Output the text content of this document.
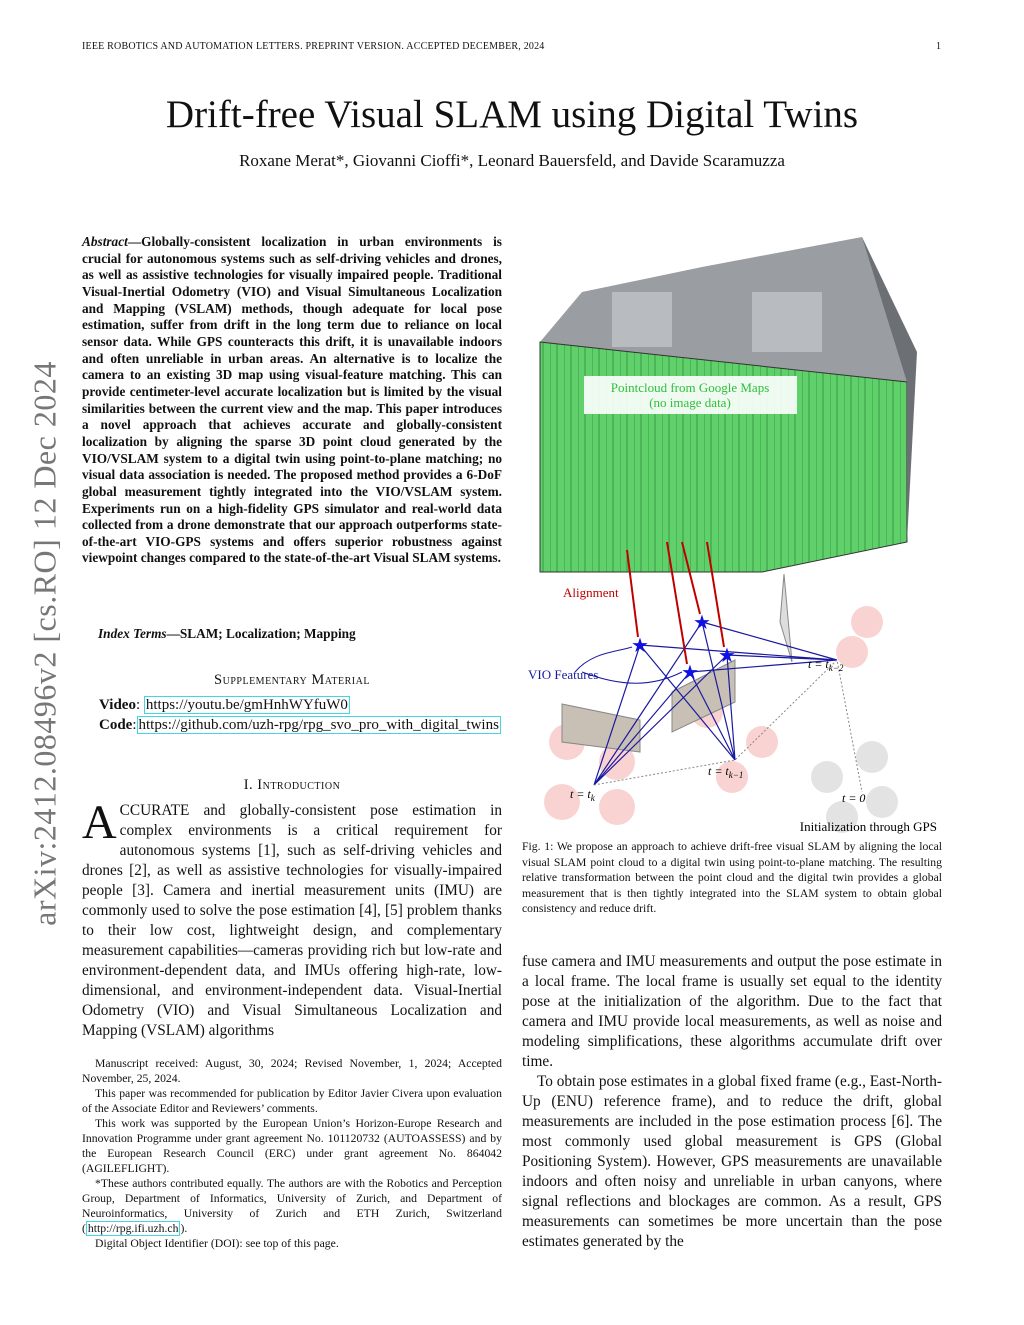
IEEE ROBOTICS AND AUTOMATION LETTERS. PREPRINT VERSION. ACCEPTED DECEMBER, 2024	1
Drift-free Visual SLAM using Digital Twins
Roxane Merat*, Giovanni Cioffi*, Leonard Bauersfeld, and Davide Scaramuzza
arXiv:2412.08496v2 [cs.RO] 12 Dec 2024
Abstract—Globally-consistent localization in urban environments is crucial for autonomous systems such as self-driving vehicles and drones, as well as assistive technologies for visually impaired people. Traditional Visual-Inertial Odometry (VIO) and Visual Simultaneous Localization and Mapping (VSLAM) methods, though adequate for local pose estimation, suffer from drift in the long term due to reliance on local sensor data. While GPS counteracts this drift, it is unavailable indoors and often unreliable in urban areas. An alternative is to localize the camera to an existing 3D map using visual-feature matching. This can provide centimeter-level accurate localization but is limited by the visual similarities between the current view and the map. This paper introduces a novel approach that achieves accurate and globally-consistent localization by aligning the sparse 3D point cloud generated by the VIO/VSLAM system to a digital twin using point-to-plane matching; no visual data association is needed. The proposed method provides a 6-DoF global measurement tightly integrated into the VIO/VSLAM system. Experiments run on a high-fidelity GPS simulator and real-world data collected from a drone demonstrate that our approach outperforms state-of-the-art VIO-GPS systems and offers superior robustness against viewpoint changes compared to the state-of-the-art Visual SLAM systems.
Index Terms—SLAM; Localization; Mapping
Supplementary Material
Video: https://youtu.be/gmHnhWYfuW0
Code: https://github.com/uzh-rpg/rpg_svo_pro_with_digital_twins
I. Introduction
ACCURATE and globally-consistent pose estimation in complex environments is a critical requirement for autonomous systems [1], such as self-driving vehicles and drones [2], as well as assistive technologies for visually-impaired people [3]. Camera and inertial measurement units (IMU) are commonly used to solve the pose estimation [4], [5] problem thanks to their low cost, lightweight design, and complementary measurement capabilities—cameras providing rich but low-rate and environment-dependent data, and IMUs offering high-rate, low-dimensional, and environment-independent data. Visual-Inertial Odometry (VIO) and Visual Simultaneous Localization and Mapping (VSLAM) algorithms

Manuscript received: August, 30, 2024; Revised November, 1, 2024; Accepted November, 25, 2024.

This paper was recommended for publication by Editor Javier Civera upon evaluation of the Associate Editor and Reviewers’ comments.

This work was supported by the European Union’s Horizon-Europe Research and Innovation Programme under grant agreement No. 101120732 (AUTOASSESS) and by the European Research Council (ERC) under grant agreement No. 864042 (AGILEFLIGHT).

*These authors contributed equally. The authors are with the Robotics and Perception Group, Department of Informatics, University of Zurich, and Department of Neuroinformatics, University of Zurich and ETH Zurich, Switzerland ( http://rpg.ifi.uzh.ch ).

Digital Object Identifier (DOI): see top of this page.

Pointcloud from Google Maps
(no image data)
Alignment
★
★
★
★
VIO Features
$t = t_k$
$t = t_{k-1}$
$t = t_{k-2}$
t = 0
Initialization through GPS
Fig. 1: We propose an approach to achieve drift-free visual SLAM by aligning the local visual SLAM point cloud to a digital twin using point-to-plane matching. The resulting relative transformation between the point cloud and the digital twin provides a global measurement that is then tightly integrated into the SLAM system to obtain global consistency and reduce drift.

fuse camera and IMU measurements and output the pose estimate in a local frame. The local frame is usually set equal to the identity pose at the initialization of the algorithm. Due to the fact that camera and IMU provide local measurements, as well as noise and modeling simplifications, these algorithms accumulate drift over time.

To obtain pose estimates in a global fixed frame (e.g., East-North-Up (ENU) reference frame), and to reduce the drift, global measurements are included in the pose estimation process [6]. The most commonly used global measurement is GPS (Global Positioning System). However, GPS measurements are unavailable indoors and often noisy and unreliable in urban canyons, where signal reflections and blockages are common. As a result, GPS measurements can sometimes be more uncertain than the pose estimates generated by the
